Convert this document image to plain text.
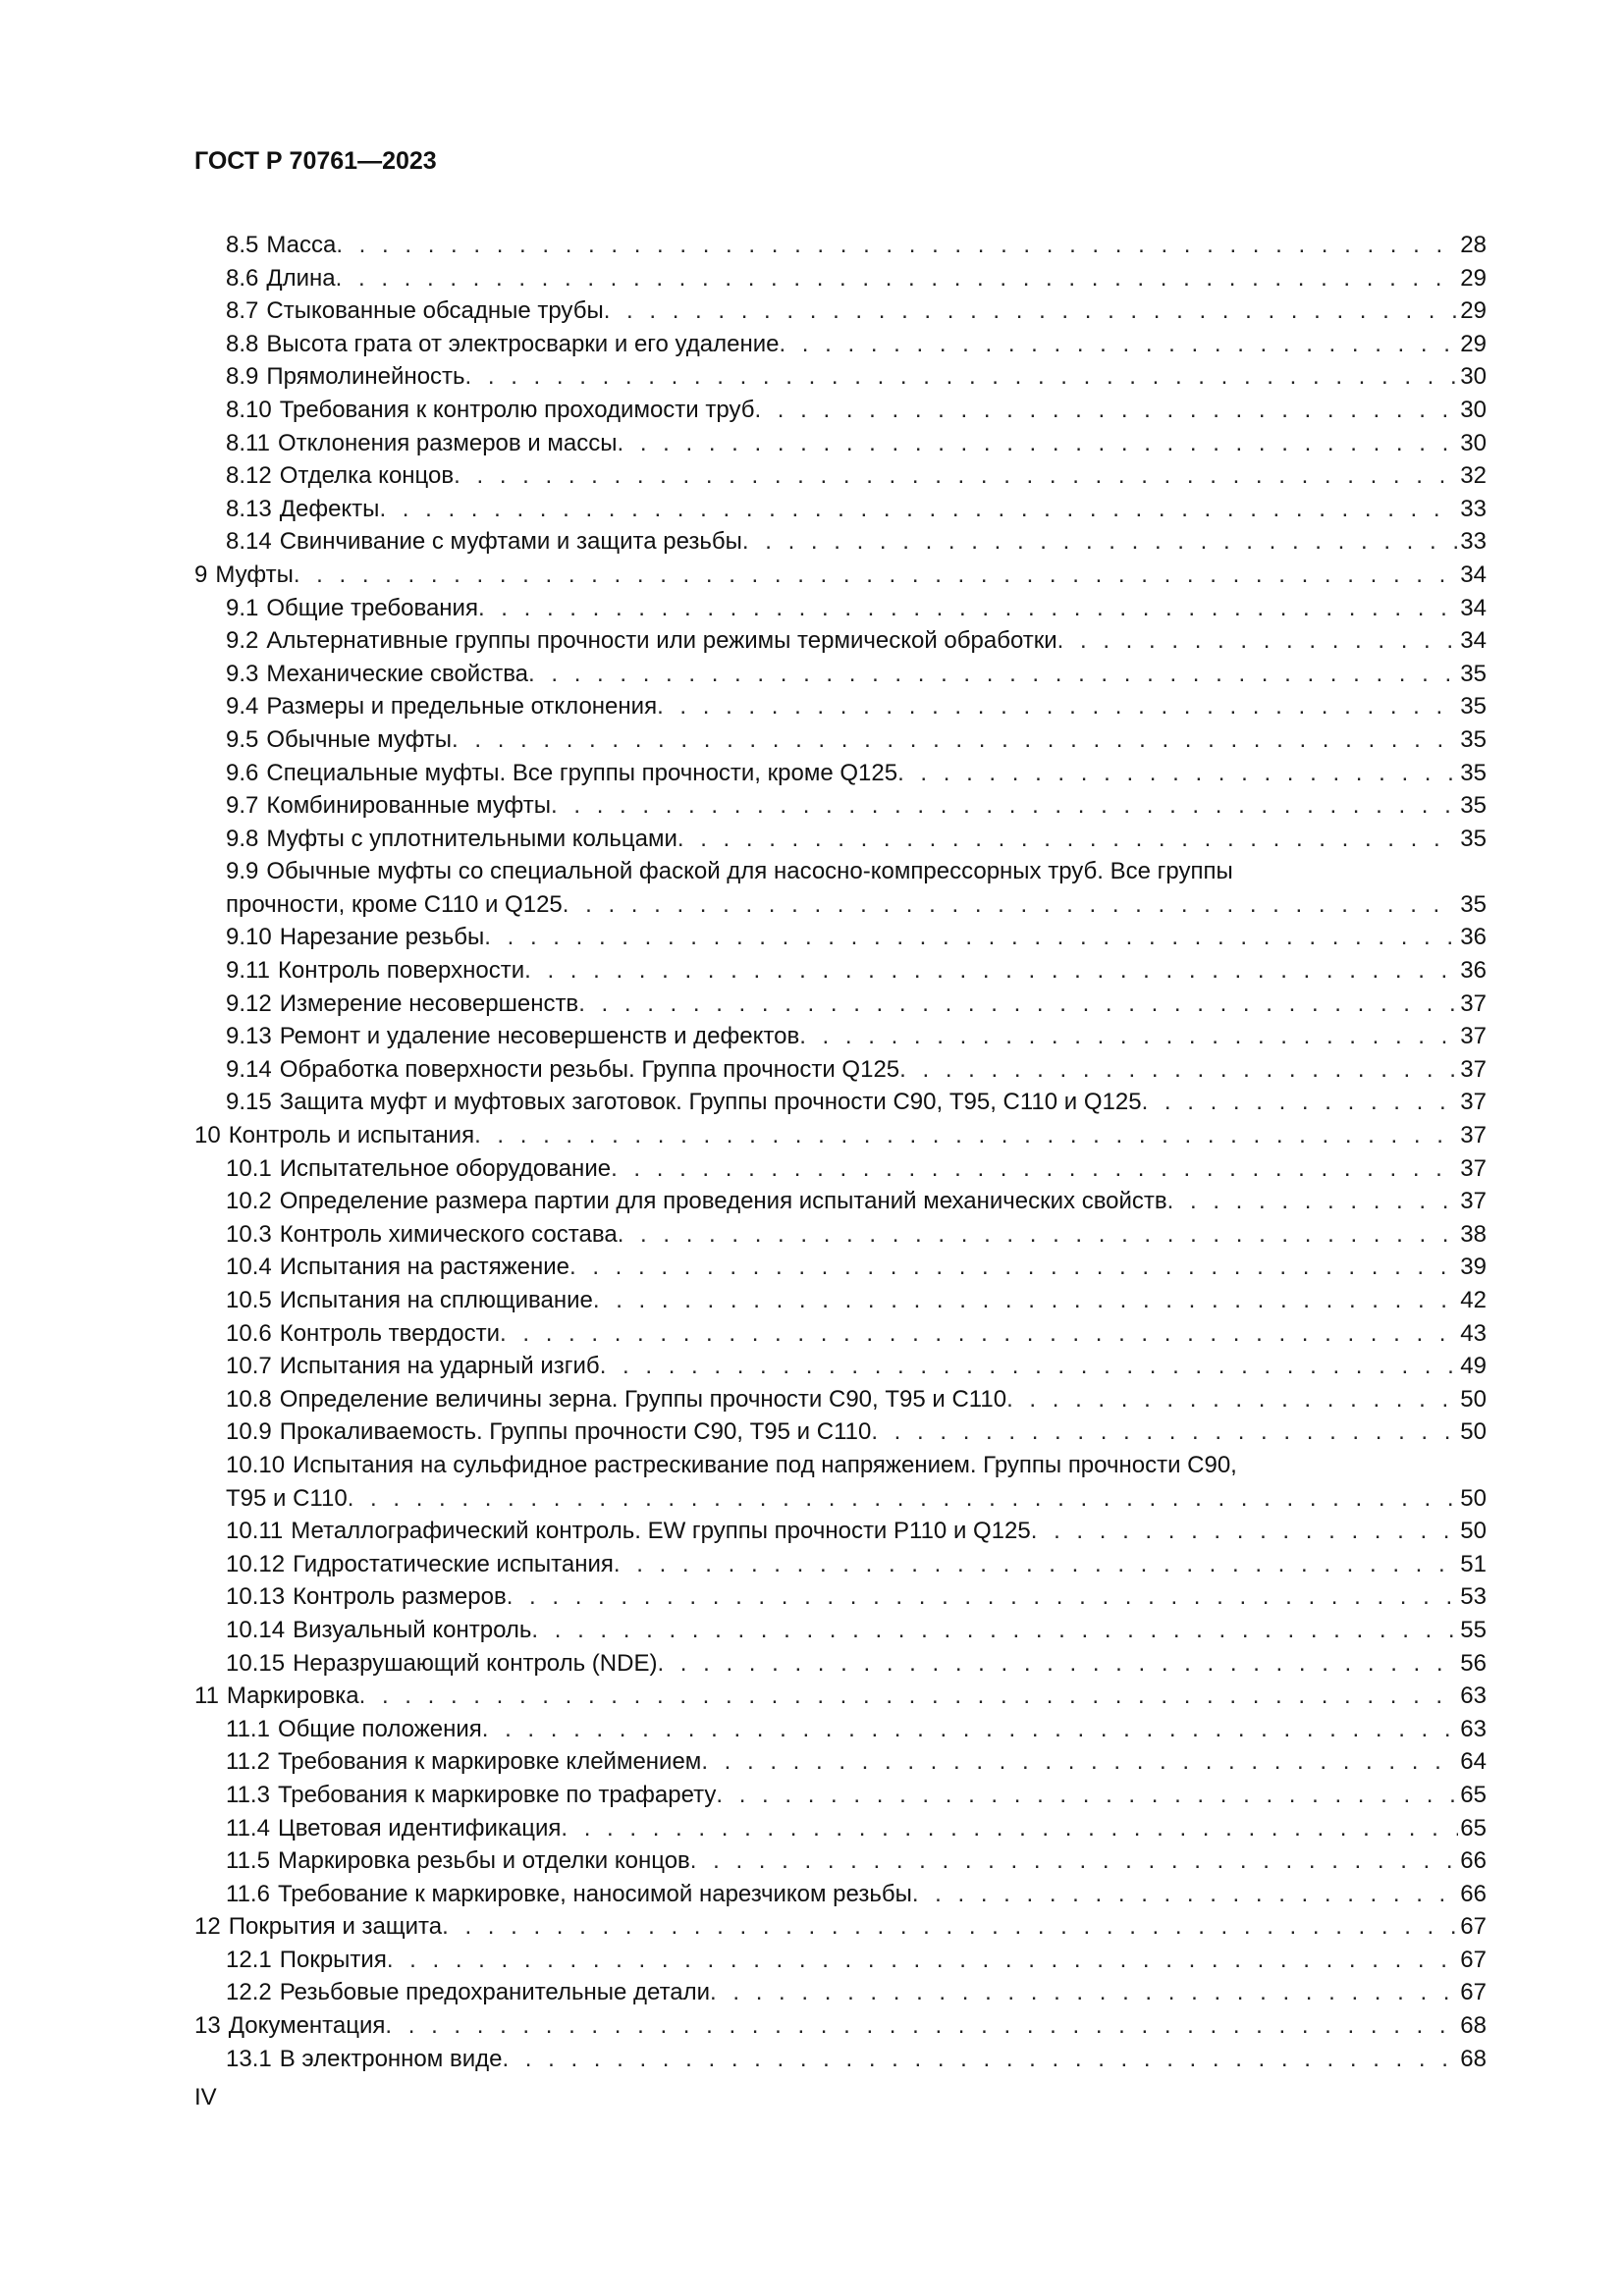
ГОСТ Р 70761—2023
8.5 Масса . . .	28
8.6 Длина . . .	29
8.7 Стыкованные обсадные трубы . . .	29
8.8 Высота грата от электросварки и его удаление . . .	29
8.9 Прямолинейность . . .	30
8.10 Требования к контролю проходимости труб . . .	30
8.11 Отклонения размеров и массы . . .	30
8.12 Отделка концов . . .	32
8.13 Дефекты . . .	33
8.14 Свинчивание с муфтами и защита резьбы . . .	33
9 Муфты . . .	34
9.1 Общие требования . . .	34
9.2 Альтернативные группы прочности или режимы термической обработки . . .	34
9.3 Механические свойства . . .	35
9.4 Размеры и предельные отклонения . . .	35
9.5 Обычные муфты . . .	35
9.6 Специальные муфты. Все группы прочности, кроме Q125 . . .	35
9.7 Комбинированные муфты . . .	35
9.8 Муфты с уплотнительными кольцами . . .	35
9.9 Обычные муфты со специальной фаской для насосно-компрессорных труб. Все группы
прочности, кроме С110 и Q125 . . .	35
9.10 Нарезание резьбы . . .	36
9.11 Контроль поверхности . . .	36
9.12 Измерение несовершенств . . .	37
9.13 Ремонт и удаление несовершенств и дефектов . . .	37
9.14 Обработка поверхности резьбы. Группа прочности Q125 . . .	37
9.15 Защита муфт и муфтовых заготовок. Группы прочности С90, Т95, С110 и Q125 . . .	37
10 Контроль и испытания . . .	37
10.1 Испытательное оборудование . . .	37
10.2 Определение размера партии для проведения испытаний механических свойств . . .	37
10.3 Контроль химического состава . . .	38
10.4 Испытания на растяжение . . .	39
10.5 Испытания на сплющивание . . .	42
10.6 Контроль твердости . . .	43
10.7 Испытания на ударный изгиб . . .	49
10.8 Определение величины зерна. Группы прочности С90, Т95 и С110 . . .	50
10.9 Прокаливаемость. Группы прочности С90, Т95 и С110 . . .	50
10.10 Испытания на сульфидное растрескивание под напряжением. Группы прочности С90,
Т95 и С110 . . .	50
10.11 Металлографический контроль. EW группы прочности Р110 и Q125 . . .	50
10.12 Гидростатические испытания . . .	51
10.13 Контроль размеров . . .	53
10.14 Визуальный контроль . . .	55
10.15 Неразрушающий контроль (NDE) . . .	56
11 Маркировка . . .	63
11.1 Общие положения . . .	63
11.2 Требования к маркировке клеймением . . .	64
11.3 Требования к маркировке по трафарету . . .	65
11.4 Цветовая идентификация . . .	65
11.5 Маркировка резьбы и отделки концов . . .	66
11.6 Требование к маркировке, наносимой нарезчиком резьбы . . .	66
12 Покрытия и защита . . .	67
12.1 Покрытия . . .	67
12.2 Резьбовые предохранительные детали . . .	67
13 Документация . . .	68
13.1 В электронном виде . . .	68
IV
